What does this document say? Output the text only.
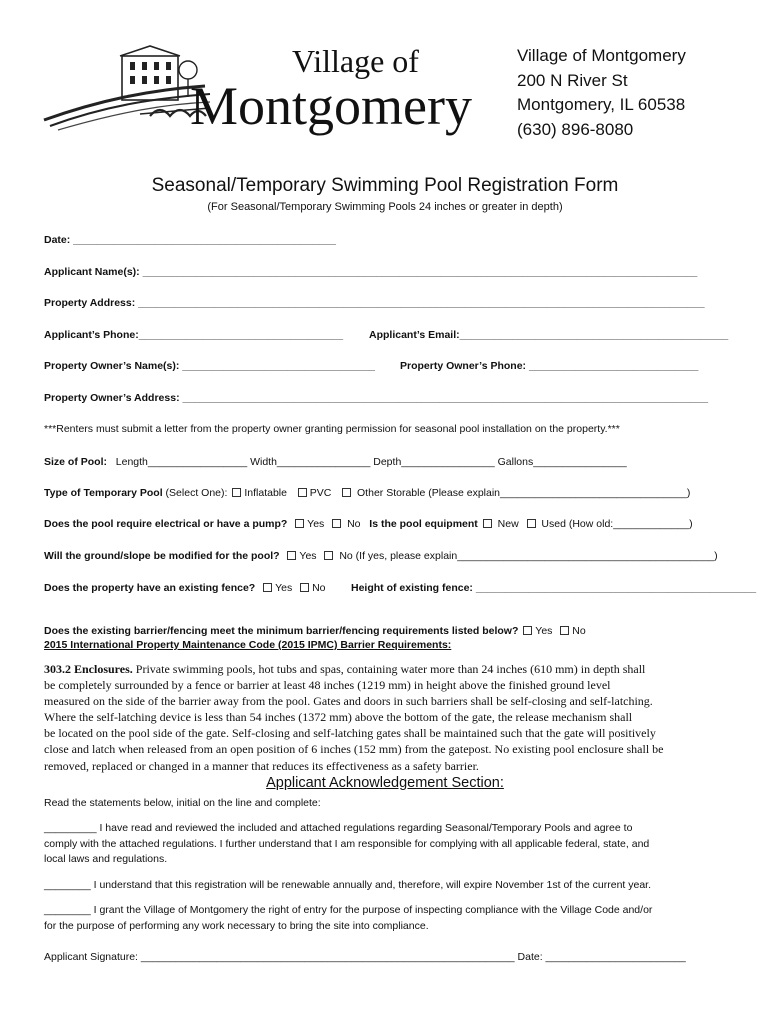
Village of
Montgomery
Village of Montgomery
200 N River St
Montgomery, IL 60538
(630) 896-8080
Seasonal/Temporary Swimming Pool Registration Form
(For Seasonal/Temporary Swimming Pools 24 inches or greater in depth)
Date: _____________________________________________
Applicant Name(s): _______________________________________________________________________________________________
Property Address: _________________________________________________________________________________________________
Applicant’s Phone:___________________________________ Applicant’s Email:______________________________________________
Property Owner’s Name(s): _________________________________ Property Owner’s Phone: _____________________________
Property Owner’s Address: __________________________________________________________________________________________
***Renters must submit a letter from the property owner granting permission for seasonal pool installation on the property.***
Size of Pool: Length_________________ Width________________ Depth________________ Gallons________________
Type of Temporary Pool (Select One): Inflatable PVC Other Storable (Please explain________________________________)
Does the pool require electrical or have a pump? Yes No Is the pool equipment New Used (How old:_____________)
Will the ground/slope be modified for the pool? Yes No (If yes, please explain____________________________________________)
Does the property have an existing fence? Yes No Height of existing fence: ________________________________________________
Does the existing barrier/fencing meet the minimum barrier/fencing requirements listed below? Yes No
2015 International Property Maintenance Code (2015 IPMC) Barrier Requirements:
303.2 Enclosures. Private swimming pools, hot tubs and spas, containing water more than 24 inches (610 mm) in depth shall
be completely surrounded by a fence or barrier at least 48 inches (1219 mm) in height above the finished ground level
measured on the side of the barrier away from the pool. Gates and doors in such barriers shall be self-closing and self-latching.
Where the self-latching device is less than 54 inches (1372 mm) above the bottom of the gate, the release mechanism shall
be located on the pool side of the gate. Self-closing and self-latching gates shall be maintained such that the gate will positively
close and latch when released from an open position of 6 inches (152 mm) from the gatepost. No existing pool enclosure shall be
removed, replaced or changed in a manner that reduces its effectiveness as a safety barrier.
Applicant Acknowledgement Section:
Read the statements below, initial on the line and complete:
_________ I have read and reviewed the included and attached regulations regarding Seasonal/Temporary Pools and agree to
comply with the attached regulations. I further understand that I am responsible for complying with all applicable federal, state, and
local laws and regulations.
________ I understand that this registration will be renewable annually and, therefore, will expire November 1st of the current year.
________ I grant the Village of Montgomery the right of entry for the purpose of inspecting compliance with the Village Code and/or
for the purpose of performing any work necessary to bring the site into compliance.
Applicant Signature: ________________________________________________________________ Date: ________________________
